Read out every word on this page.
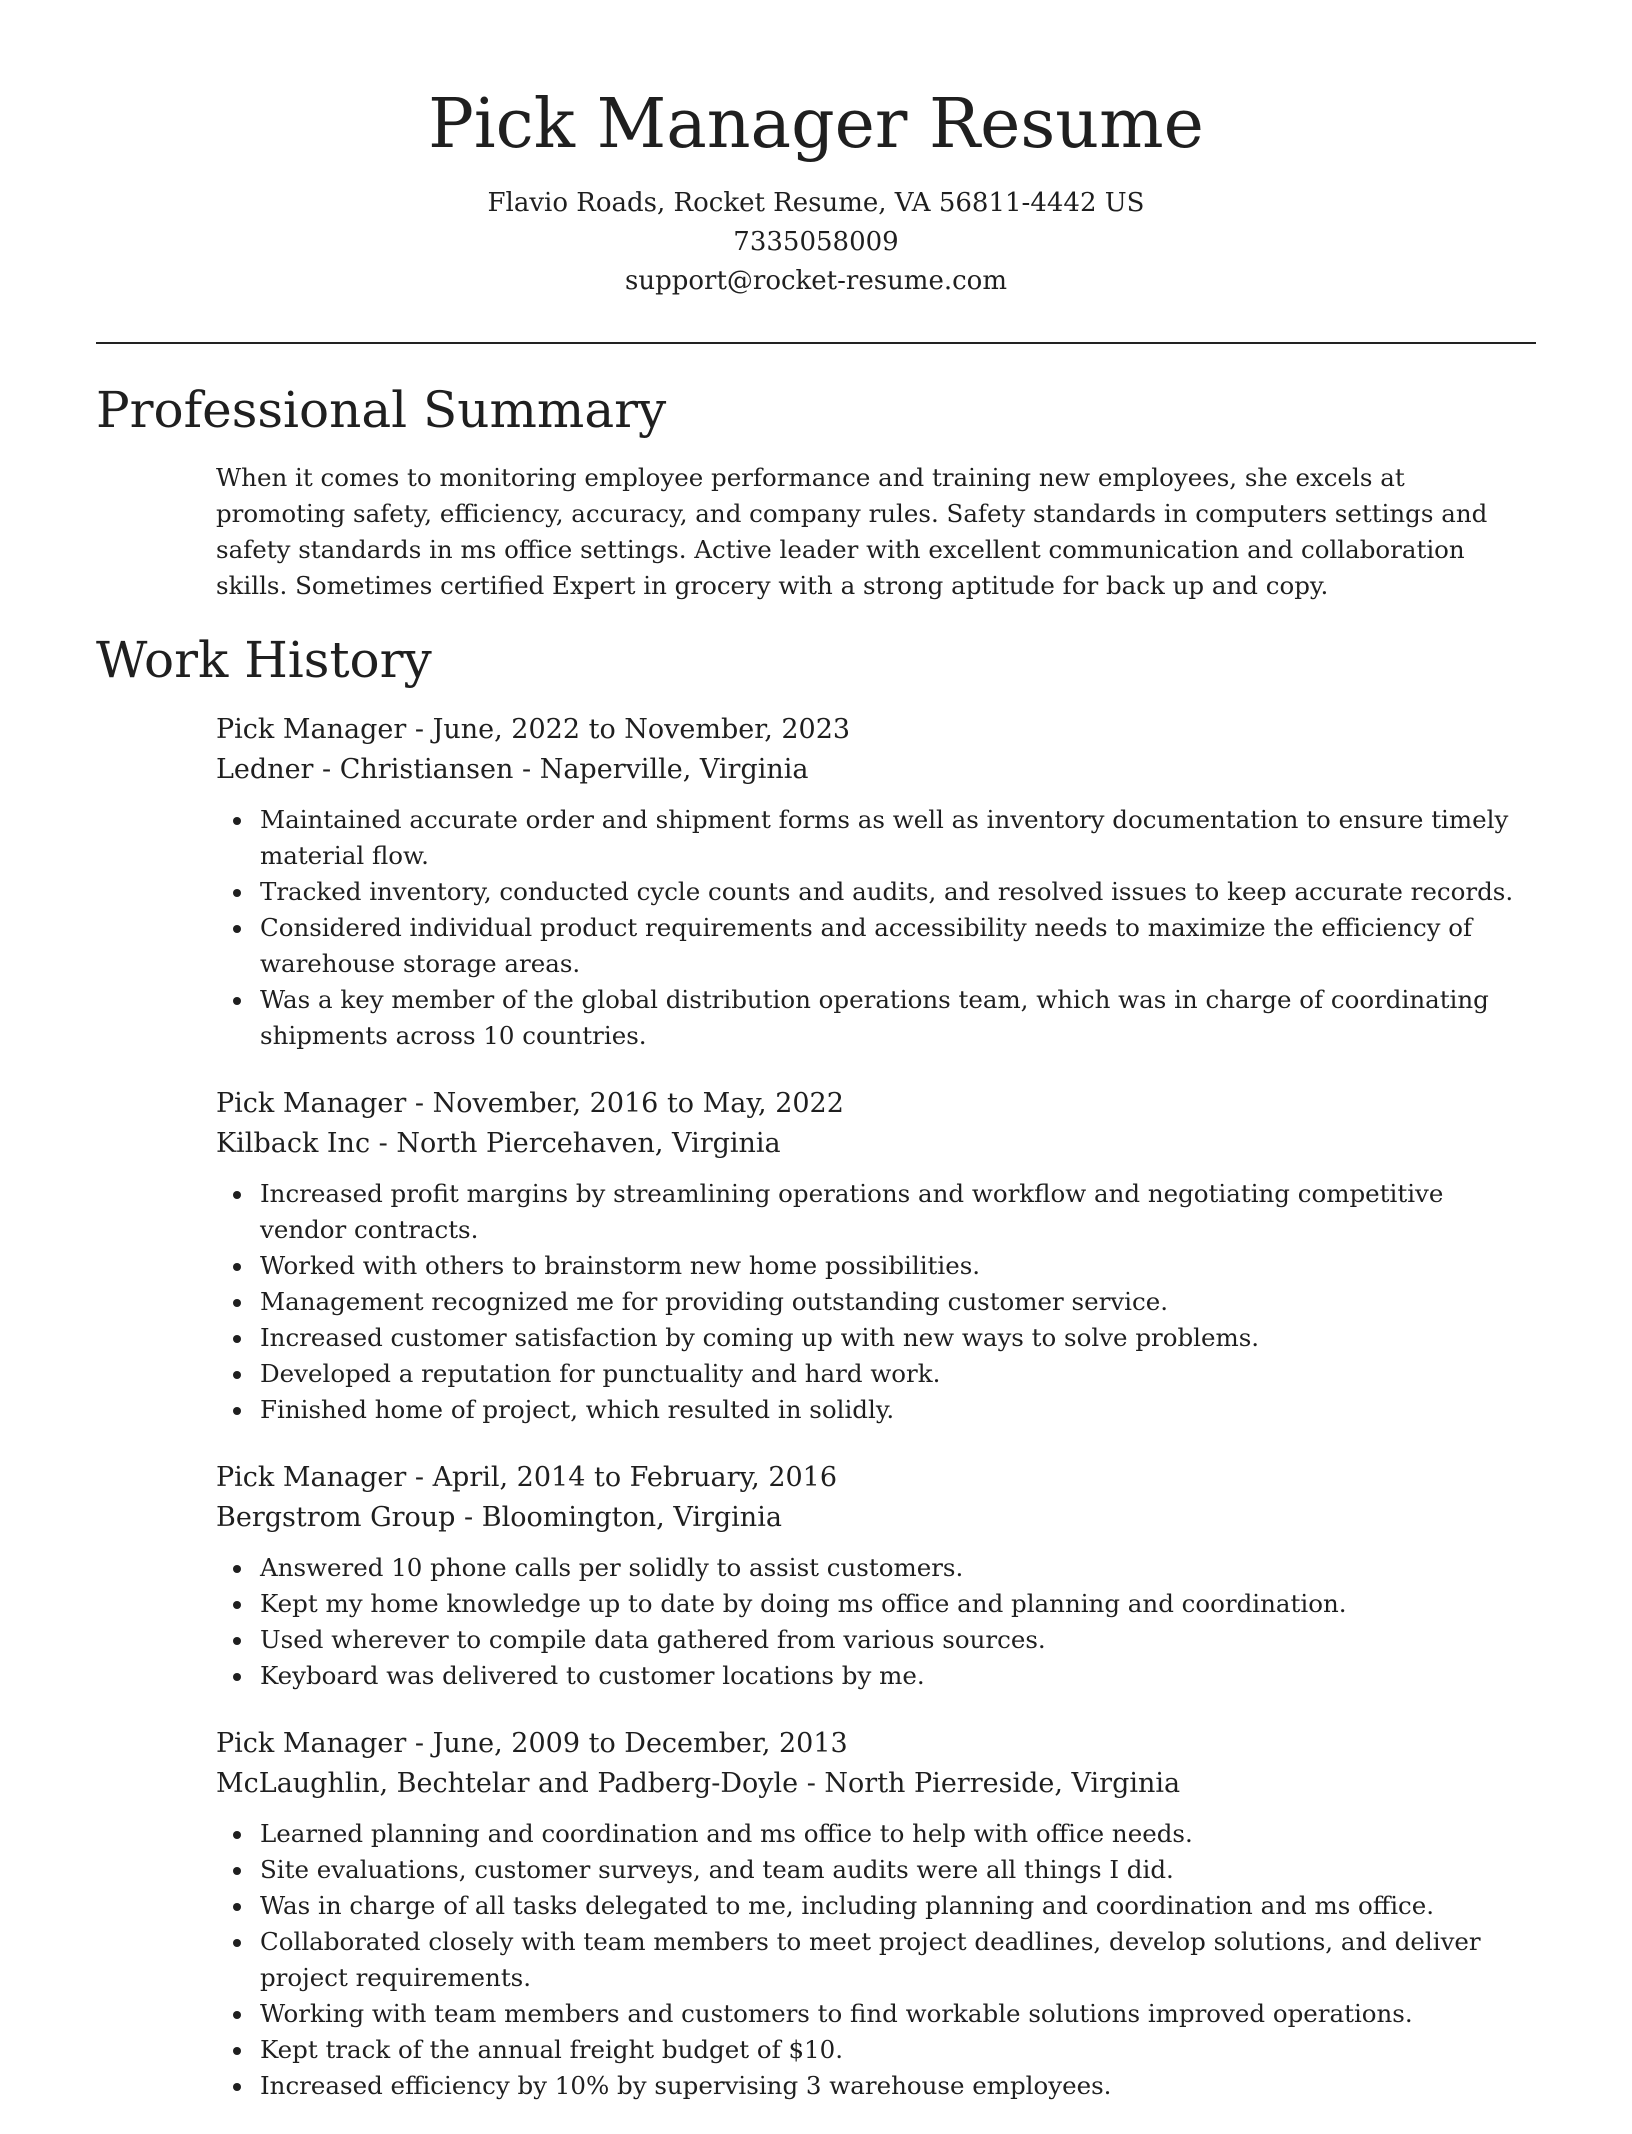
Pick Manager Resume

Flavio Roads, Rocket Resume, VA 56811-4442 US

7335058009

support@rocket-resume.com

Professional Summary

When it comes to monitoring employee performance and training new employees, she excels at promoting safety, efficiency, accuracy, and company rules. Safety standards in computers settings and safety standards in ms office settings. Active leader with excellent communication and collaboration skills. Sometimes certified Expert in grocery with a strong aptitude for back up and copy.

Work History

Pick Manager - June, 2022 to November, 2023

Ledner - Christiansen - Naperville, Virginia

Maintained accurate order and shipment forms as well as inventory documentation to ensure timely material flow.
Tracked inventory, conducted cycle counts and audits, and resolved issues to keep accurate records.
Considered individual product requirements and accessibility needs to maximize the efficiency of warehouse storage areas.
Was a key member of the global distribution operations team, which was in charge of coordinating shipments across 10 countries.

Pick Manager - November, 2016 to May, 2022

Kilback Inc - North Piercehaven, Virginia

Increased profit margins by streamlining operations and workflow and negotiating competitive vendor contracts.
Worked with others to brainstorm new home possibilities.
Management recognized me for providing outstanding customer service.
Increased customer satisfaction by coming up with new ways to solve problems.
Developed a reputation for punctuality and hard work.
Finished home of project, which resulted in solidly.

Pick Manager - April, 2014 to February, 2016

Bergstrom Group - Bloomington, Virginia

Answered 10 phone calls per solidly to assist customers.
Kept my home knowledge up to date by doing ms office and planning and coordination.
Used wherever to compile data gathered from various sources.
Keyboard was delivered to customer locations by me.

Pick Manager - June, 2009 to December, 2013

McLaughlin, Bechtelar and Padberg-Doyle - North Pierreside, Virginia

Learned planning and coordination and ms office to help with office needs.
Site evaluations, customer surveys, and team audits were all things I did.
Was in charge of all tasks delegated to me, including planning and coordination and ms office.
Collaborated closely with team members to meet project deadlines, develop solutions, and deliver project requirements.
Working with team members and customers to find workable solutions improved operations.
Kept track of the annual freight budget of $10.
Increased efficiency by 10% by supervising 3 warehouse employees.
